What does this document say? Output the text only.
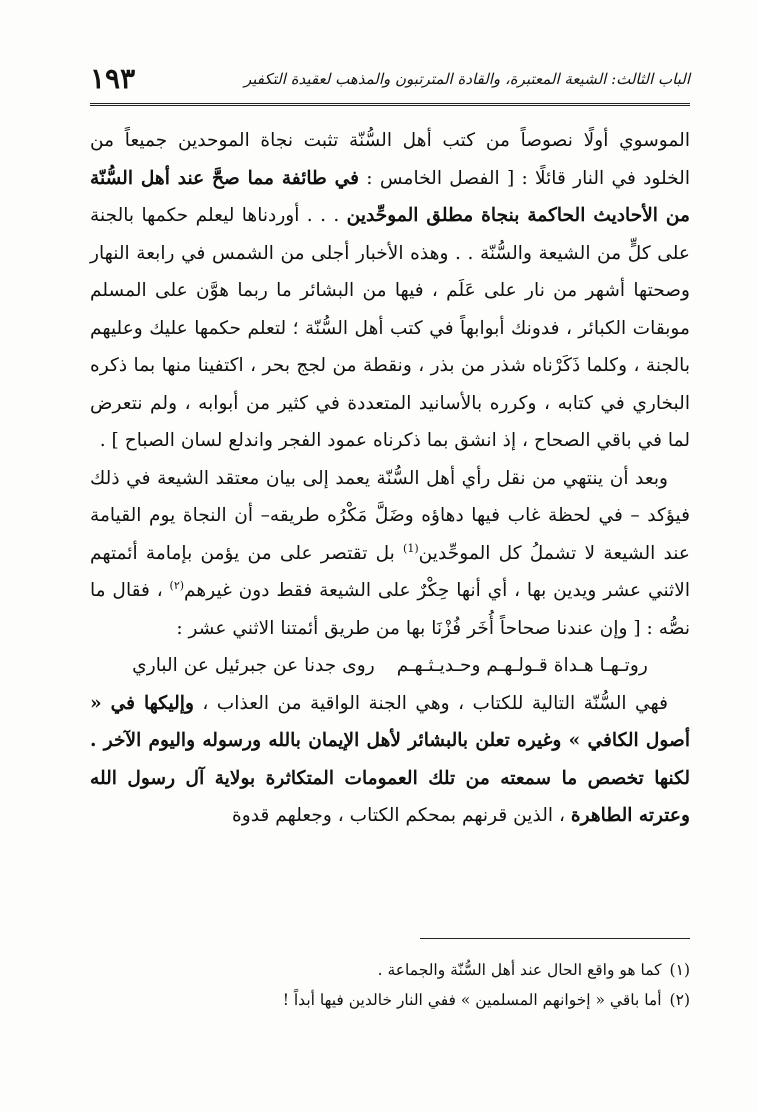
١٩٣	الباب الثالث: الشيعة المعتبرة، والقادة المترتبون والمذهب لعقيدة التكفير

الموسوي أولًا نصوصاً من كتب أهل السُّنّة تثبت نجاة الموحدين جميعاً من الخلود في النار قائلًا : [ الفصل الخامس : في طائفة مما صحَّ عند أهل السُّنّة من الأحاديث الحاكمة بنجاة مطلق الموحِّدين . . . أوردناها ليعلم حكمها بالجنة على كلٍّ من الشيعة والسُّنّة . . وهذه الأخبار أجلى من الشمس في رابعة النهار وصحتها أشهر من نار على عَلَم ، فيها من البشائر ما ربما هوَّن على المسلم موبقات الكبائر ، فدونك أبوابهاً في كتب أهل السُّنّة ؛ لتعلم حكمها عليك وعليهم بالجنة ، وكلما ذَكَرْناه شذر من بذر ، ونقطة من لجج بحر ، اكتفينا منها بما ذكره البخاري في كتابه ، وكرره بالأسانيد المتعددة في كثير من أبوابه ، ولم نتعرض لما في باقي الصحاح ، إذ انشق بما ذكرناه عمود الفجر واندلع لسان الصباح ] .

وبعد أن ينتهي من نقل رأي أهل السُّنّة يعمد إلى بيان معتقد الشيعة في ذلك فيؤكد – في لحظة غاب فيها دهاؤه وضَلَّ مَكْرُه طريقه– أن النجاة يوم القيامة عند الشيعة لا تشملُ كل الموحِّدين$^{(1)}$ بل تقتصر على من يؤمن بإمامة أئمتهم الاثني عشر ويدين بها ، أي أنها حِكْرٌ على الشيعة فقط دون غيرهم$^{(٢)}$ ، فقال ما نصُّه : [ وإن عندنا صحاحاً أُخَر فُزْنَا بها من طريق أئمتنا الاثني عشر :

روتـهـا هـداة قـولـهـم وحـديـثـهـم
روى جدنا عن جبرئيل عن الباري

فهي السُّنّة التالية للكتاب ، وهي الجنة الواقية من العذاب ، وإليكها في « أصول الكافي » وغيره تعلن بالبشائر لأهل الإيمان بالله ورسوله واليوم الآخر . لكنها تخصص ما سمعته من تلك العمومات المتكاثرة بولاية آل رسول الله وعترته الطاهرة ، الذين قرنهم بمحكم الكتاب ، وجعلهم قدوة

(١)
كما هو واقع الحال عند أهل السُّنّة والجماعة .
(٢)
أما باقي « إخوانهم المسلمين » ففي النار خالدين فيها أبداً !
